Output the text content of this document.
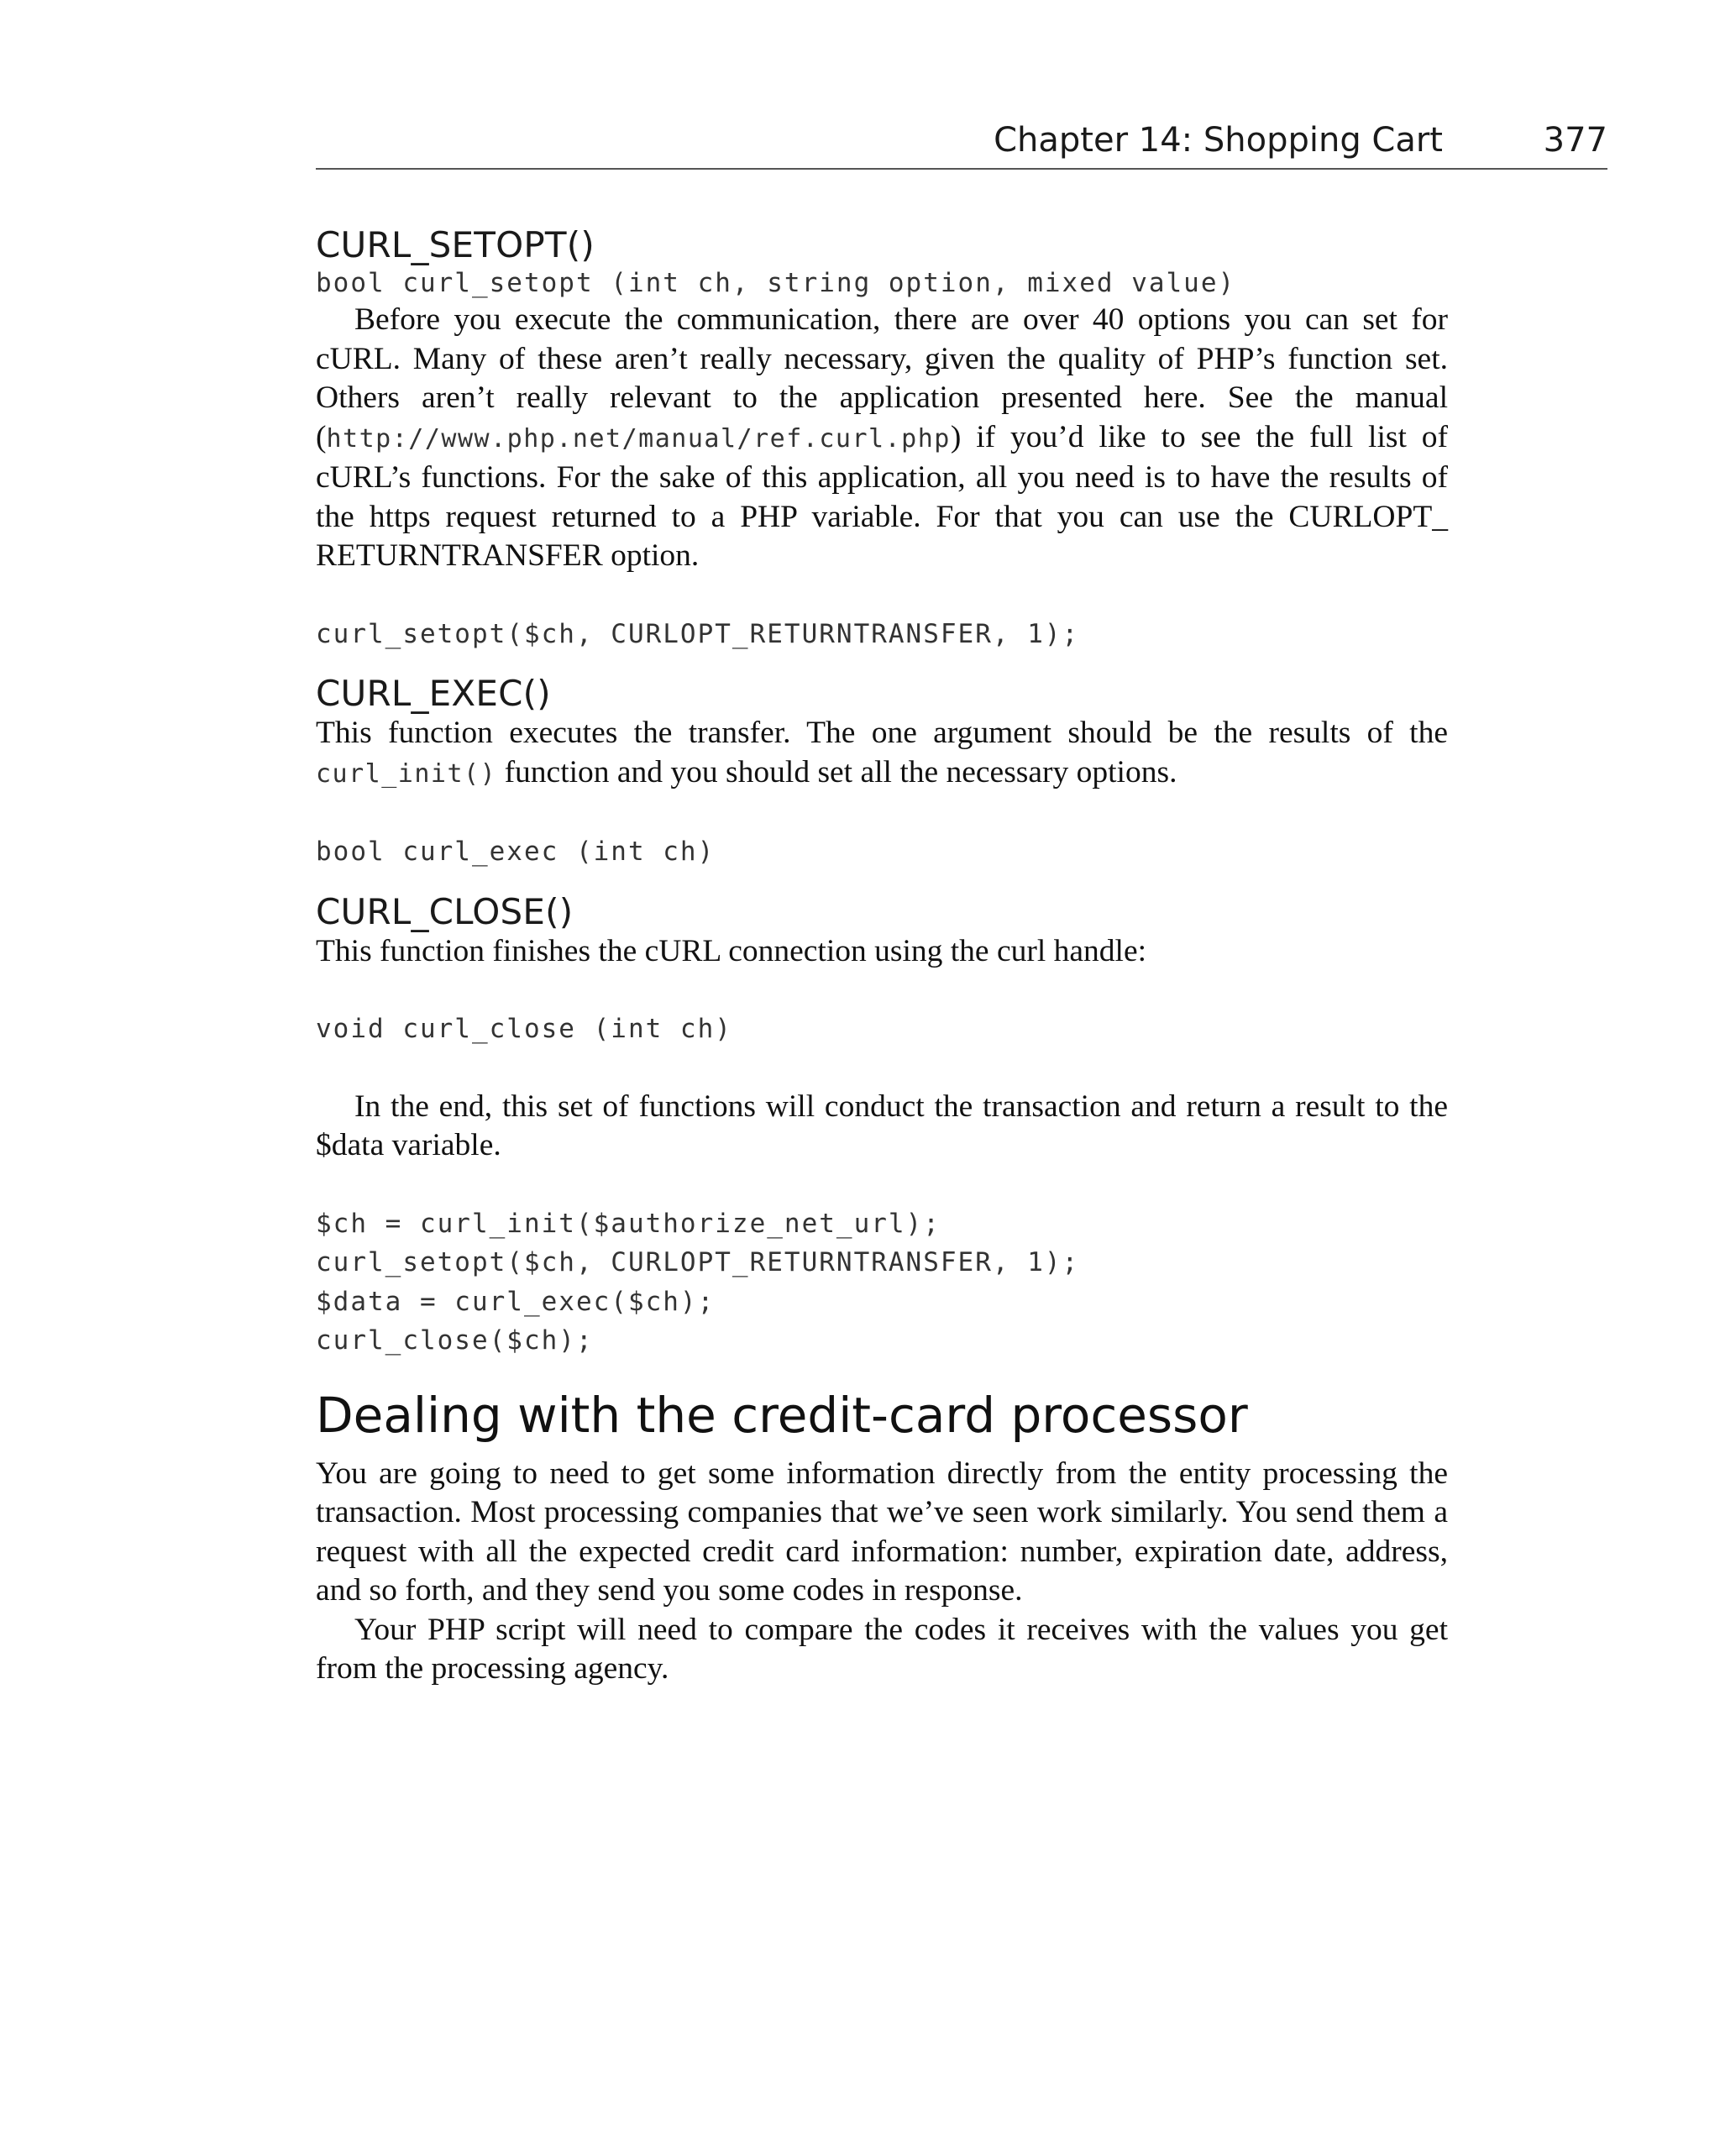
Chapter 14: Shopping Cart	377
CURL_SETOPT()

bool curl_setopt (int ch, string option, mixed value)

Before you execute the communication, there are over 40 options you can set for cURL. Many of these aren’t really necessary, given the quality of PHP’s function set. Others aren’t really relevant to the application presented here. See the manual (http://www.php.net/manual/ref.curl.php) if you’d like to see the full list of cURL’s functions. For the sake of this application, all you need is to have the results of the https request returned to a PHP variable. For that you can use the CURLOPT_ RETURNTRANSFER option.

curl_setopt($ch, CURLOPT_RETURNTRANSFER, 1);

CURL_EXEC()

This function executes the transfer. The one argument should be the results of the curl_init() function and you should set all the necessary options.

bool curl_exec (int ch)

CURL_CLOSE()

This function finishes the cURL connection using the curl handle:

void curl_close (int ch)

In the end, this set of functions will conduct the transaction and return a result to the $data variable.

$ch = curl_init($authorize_net_url);

curl_setopt($ch, CURLOPT_RETURNTRANSFER, 1);

$data = curl_exec($ch);

curl_close($ch);

Dealing with the credit-card processor

You are going to need to get some information directly from the entity processing the transaction. Most processing companies that we’ve seen work similarly. You send them a request with all the expected credit card information: number, expiration date, address, and so forth, and they send you some codes in response.

Your PHP script will need to compare the codes it receives with the values you get from the processing agency.
